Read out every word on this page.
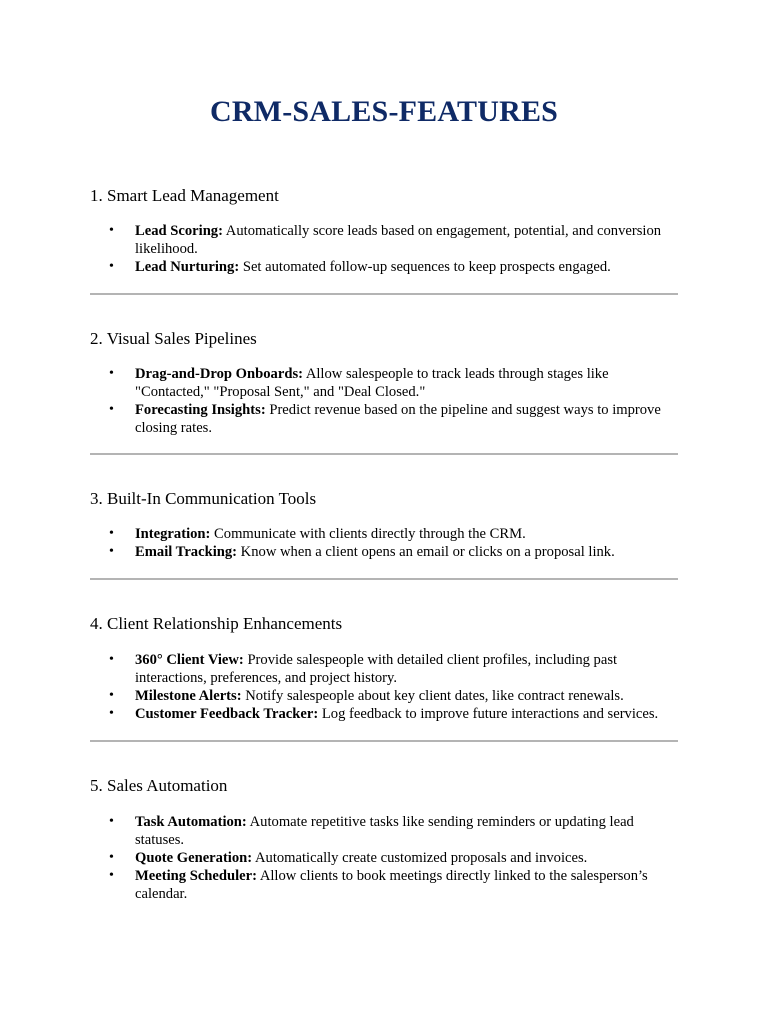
CRM-SALES-FEATURES
1. Smart Lead Management
• Lead Scoring: Automatically score leads based on engagement, potential, and conversion likelihood.
• Lead Nurturing: Set automated follow-up sequences to keep prospects engaged.
2. Visual Sales Pipelines
• Drag-and-Drop Onboards: Allow salespeople to track leads through stages like "Contacted," "Proposal Sent," and "Deal Closed."
• Forecasting Insights: Predict revenue based on the pipeline and suggest ways to improve closing rates.
3. Built-In Communication Tools
• Integration: Communicate with clients directly through the CRM.
• Email Tracking: Know when a client opens an email or clicks on a proposal link.
4. Client Relationship Enhancements
• 360° Client View: Provide salespeople with detailed client profiles, including past interactions, preferences, and project history.
• Milestone Alerts: Notify salespeople about key client dates, like contract renewals.
• Customer Feedback Tracker: Log feedback to improve future interactions and services.
5. Sales Automation
• Task Automation: Automate repetitive tasks like sending reminders or updating lead statuses.
• Quote Generation: Automatically create customized proposals and invoices.
• Meeting Scheduler: Allow clients to book meetings directly linked to the salesperson’s calendar.
